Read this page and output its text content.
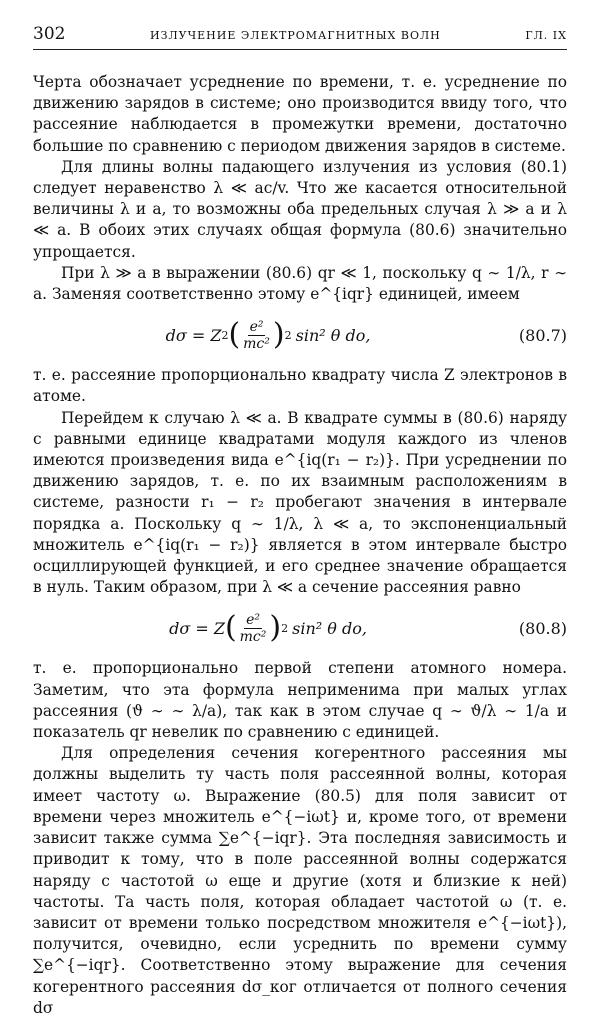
302	ИЗЛУЧЕНИЕ ЭЛЕКТРОМАГНИТНЫХ ВОЛН	ГЛ. IX

Черта обозначает усреднение по времени, т. е. усреднение по движению зарядов в системе; оно производится ввиду того, что рассеяние наблюдается в промежутки времени, достаточно большие по сравнению с периодом движения зарядов в системе.

Для длины волны падающего излучения из условия (80.1) следует неравенство λ ≪ ac/v. Что же касается относительной величины λ и a, то возможны оба предельных случая λ ≫ a и λ ≪ a. В обоих этих случаях общая формула (80.6) значительно упрощается.

При λ ≫ a в выражении (80.6) qr ≪ 1, поскольку q ∼ 1/λ, r ∼ a. Заменяя соответственно этому e^{iqr} единицей, имеем

dσ = Z 2 ( $\frac{\text{e²}}{\text{mc²}}$ ) 2 sin² θ do,	(80.7)

т. е. рассеяние пропорционально квадрату числа Z электронов в атоме.

Перейдем к случаю λ ≪ a. В квадрате суммы в (80.6) наряду с равными единице квадратами модуля каждого из членов имеются произведения вида e^{iq(r₁ − r₂)}. При усреднении по движению зарядов, т. е. по их взаимным расположениям в системе, разности r₁ − r₂ пробегают значения в интервале порядка a. Поскольку q ∼ 1/λ, λ ≪ a, то экспоненциальный множитель e^{iq(r₁ − r₂)} является в этом интервале быстро осциллирующей функцией, и его среднее значение обращается в нуль. Таким образом, при λ ≪ a сечение рассеяния равно

dσ = Z ( $\frac{\text{e²}}{\text{mc²}}$ ) 2 sin² θ do,	(80.8)

т. е. пропорционально первой степени атомного номера. Заметим, что эта формула неприменима при малых углах рассеяния (ϑ ∼ ∼ λ/a), так как в этом случае q ∼ ϑ/λ ∼ 1/a и показатель qr невелик по сравнению с единицей.

Для определения сечения когерентного рассеяния мы должны выделить ту часть поля рассеянной волны, которая имеет частоту ω. Выражение (80.5) для поля зависит от времени через множитель e^{−iωt} и, кроме того, от времени зависит также сумма ∑e^{−iqr}. Эта последняя зависимость и приводит к тому, что в поле рассеянной волны содержатся наряду с частотой ω еще и другие (хотя и близкие к ней) частоты. Та часть поля, которая обладает частотой ω (т. е. зависит от времени только посредством множителя e^{−iωt}), получится, очевидно, если усреднить по времени сумму ∑e^{−iqr}. Соответственно этому выражение для сечения когерентного рассеяния dσ_ког отличается от полного сечения dσ
